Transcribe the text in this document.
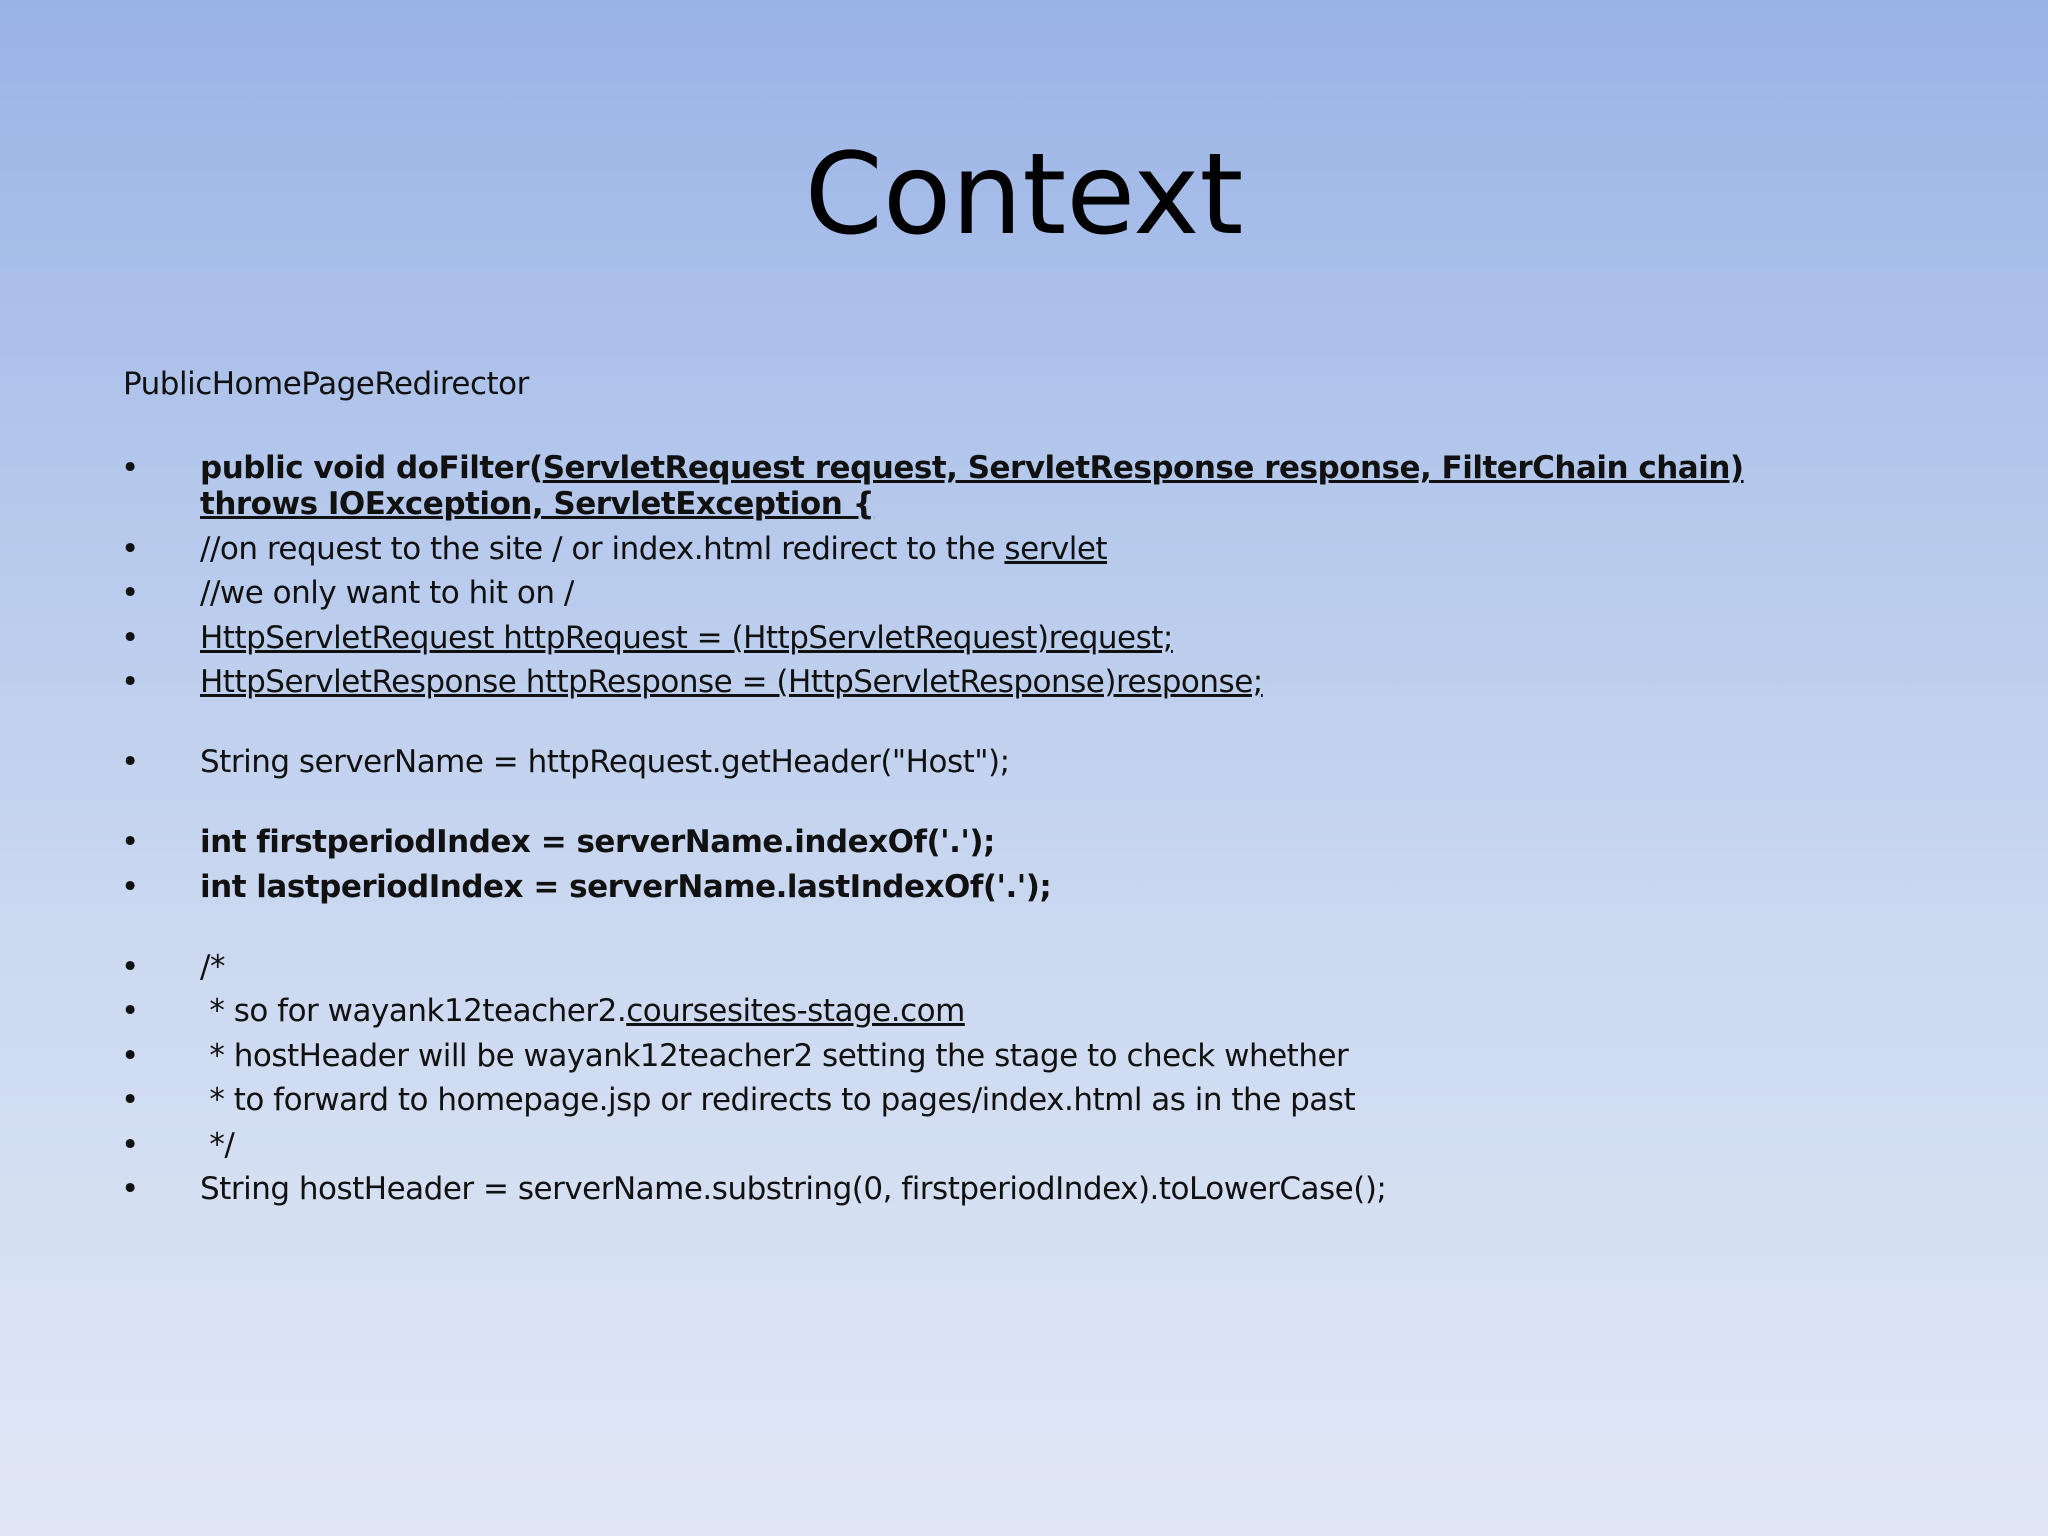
Context
PublicHomePageRedirector
• public void doFilter(ServletRequest request, ServletResponse response, FilterChain chain) throws IOException, ServletException {
• //on request to the site / or index.html redirect to the servlet
• //we only want to hit on /
• HttpServletRequest httpRequest = (HttpServletRequest)request;
• HttpServletResponse httpResponse = (HttpServletResponse)response;
• String serverName = httpRequest.getHeader("Host");
• int firstperiodIndex = serverName.indexOf('.');
• int lastperiodIndex = serverName.lastIndexOf('.');
• /*
• * so for wayank12teacher2.coursesites-stage.com
• * hostHeader will be wayank12teacher2 setting the stage to check whether
• * to forward to homepage.jsp or redirects to pages/index.html as in the past
• */
• String hostHeader = serverName.substring(0, firstperiodIndex).toLowerCase();
